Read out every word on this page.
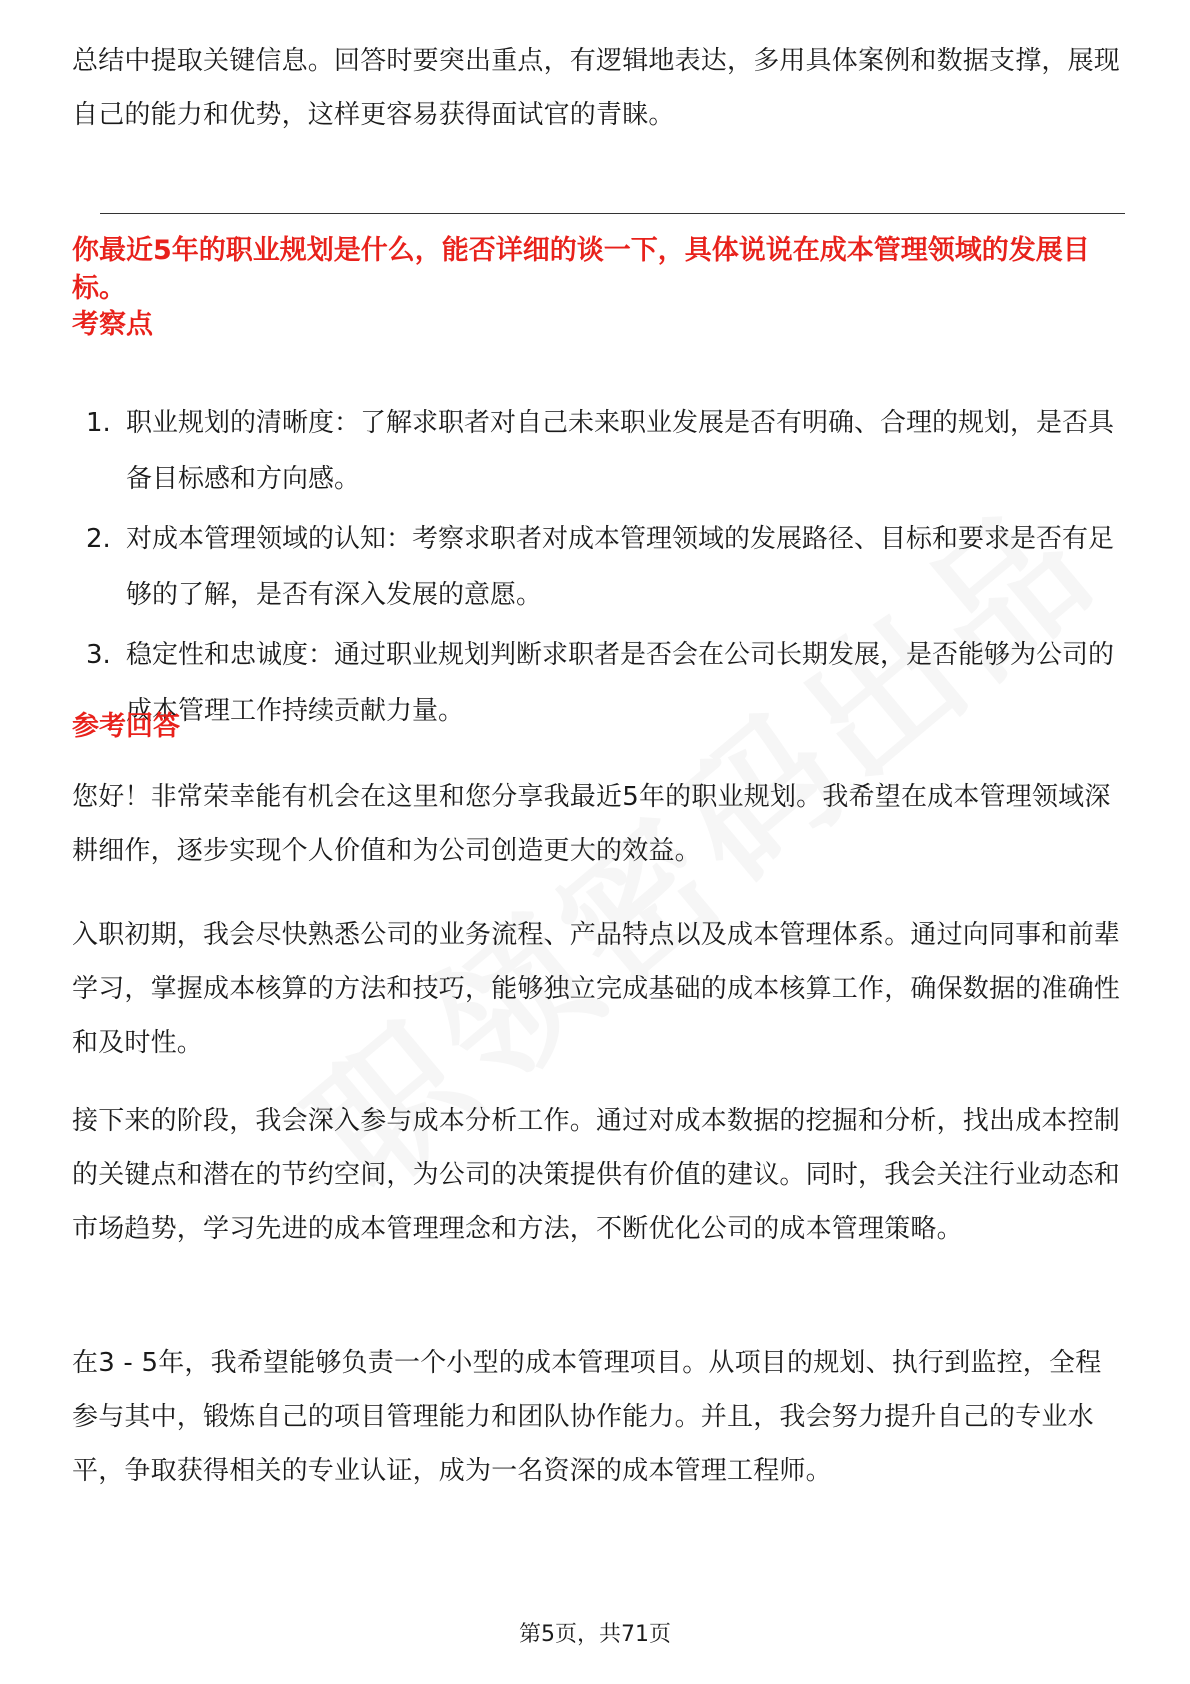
总结中提取关键信息。回答时要突出重点，有逻辑地表达，多用具体案例和数据支撑，展现自己的能力和优势，这样更容易获得面试官的青睐。

你最近5年的职业规划是什么，能否详细的谈一下，具体说说在成本管理领域的发展目标。

考察点

1. 职业规划的清晰度：了解求职者对自己未来职业发展是否有明确、合理的规划，是否具备目标感和方向感。
2. 对成本管理领域的认知：考察求职者对成本管理领域的发展路径、目标和要求是否有足够的了解，是否有深入发展的意愿。
3. 稳定性和忠诚度：通过职业规划判断求职者是否会在公司长期发展，是否能够为公司的成本管理工作持续贡献力量。

参考回答

您好！非常荣幸能有机会在这里和您分享我最近5年的职业规划。我希望在成本管理领域深耕细作，逐步实现个人价值和为公司创造更大的效益。

入职初期，我会尽快熟悉公司的业务流程、产品特点以及成本管理体系。通过向同事和前辈学习，掌握成本核算的方法和技巧，能够独立完成基础的成本核算工作，确保数据的准确性和及时性。

接下来的阶段，我会深入参与成本分析工作。通过对成本数据的挖掘和分析，找出成本控制的关键点和潜在的节约空间，为公司的决策提供有价值的建议。同时，我会关注行业动态和市场趋势，学习先进的成本管理理念和方法，不断优化公司的成本管理策略。

在3 - 5年，我希望能够负责一个小型的成本管理项目。从项目的规划、执行到监控，全程参与其中，锻炼自己的项目管理能力和团队协作能力。并且，我会努力提升自己的专业水平，争取获得相关的专业认证，成为一名资深的成本管理工程师。

第5页，共71页
